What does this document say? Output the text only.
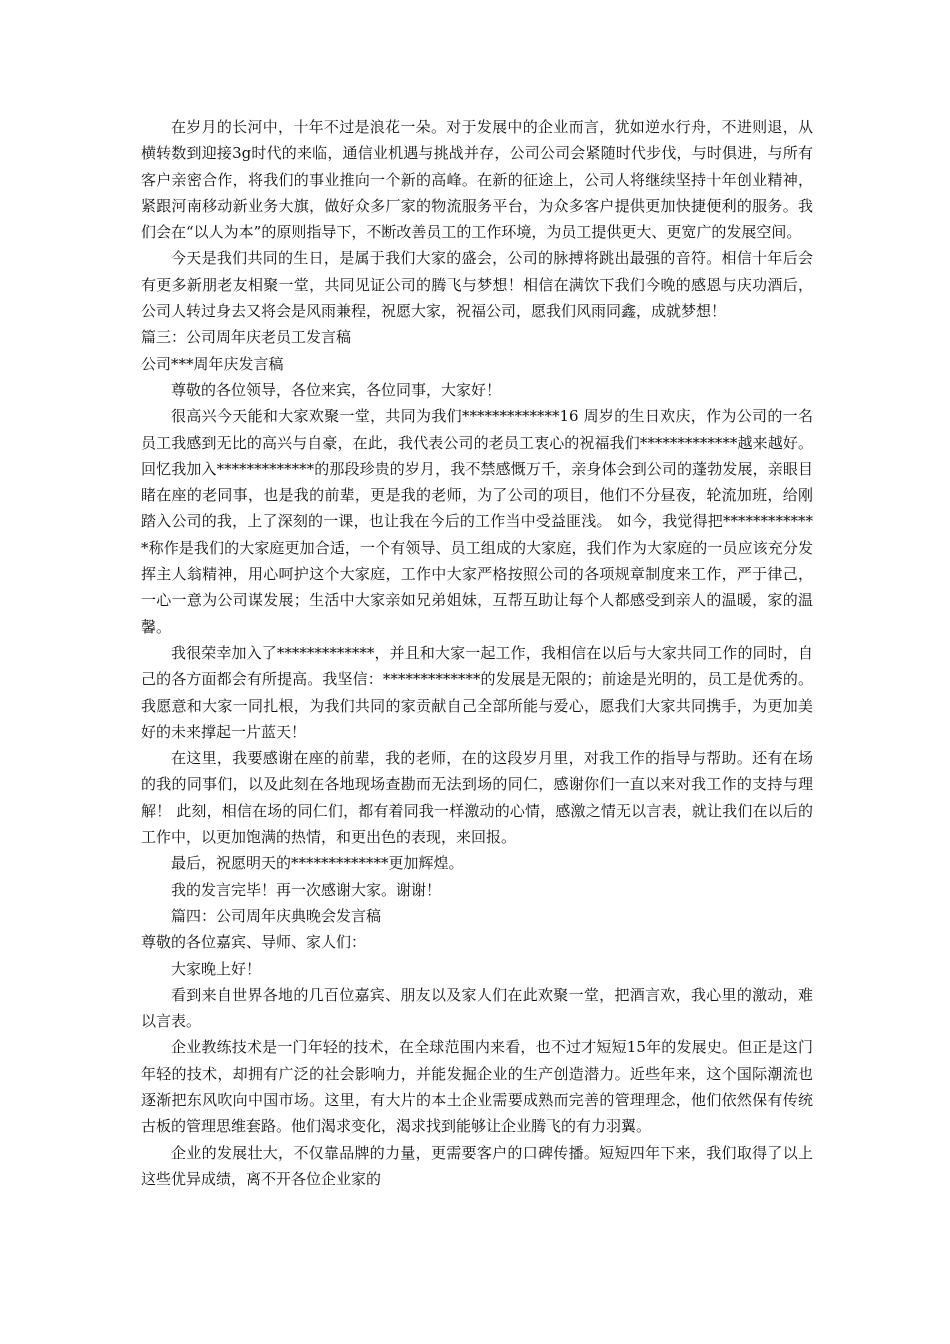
在岁月的长河中，十年不过是浪花一朵。对于发展中的企业而言，犹如逆水行舟，不进则退，从横转数到迎接3g时代的来临，通信业机遇与挑战并存，公司公司会紧随时代步伐，与时俱进，与所有客户亲密合作，将我们的事业推向一个新的高峰。在新的征途上，公司人将继续坚持十年创业精神，紧跟河南移动新业务大旗，做好众多厂家的物流服务平台，为众多客户提供更加快捷便利的服务。我们会在“以人为本”的原则指导下，不断改善员工的工作环境，为员工提供更大、更宽广的发展空间。

今天是我们共同的生日，是属于我们大家的盛会，公司的脉搏将跳出最强的音符。相信十年后会有更多新朋老友相聚一堂，共同见证公司的腾飞与梦想！相信在满饮下我们今晚的感恩与庆功酒后，公司人转过身去又将会是风雨兼程，祝愿大家，祝福公司，愿我们风雨同鑫，成就梦想！

篇三：公司周年庆老员工发言稿

公司***周年庆发言稿

尊敬的各位领导，各位来宾，各位同事，大家好！

很高兴今天能和大家欢聚一堂，共同为我们*************16 周岁的生日欢庆，作为公司的一名员工我感到无比的高兴与自豪，在此，我代表公司的老员工衷心的祝福我们*************越来越好。 回忆我加入*************的那段珍贵的岁月，我不禁感慨万千，亲身体会到公司的蓬勃发展，亲眼目睹在座的老同事，也是我的前辈，更是我的老师，为了公司的项目，他们不分昼夜，轮流加班，给刚踏入公司的我，上了深刻的一课，也让我在今后的工作当中受益匪浅。 如今，我觉得把*************称作是我们的大家庭更加合适，一个有领导、员工组成的大家庭，我们作为大家庭的一员应该充分发挥主人翁精神，用心呵护这个大家庭，工作中大家严格按照公司的各项规章制度来工作，严于律己，一心一意为公司谋发展；生活中大家亲如兄弟姐妹，互帮互助让每个人都感受到亲人的温暖，家的温馨。

我很荣幸加入了*************，并且和大家一起工作，我相信在以后与大家共同工作的同时，自己的各方面都会有所提高。我坚信：*************的发展是无限的；前途是光明的，员工是优秀的。我愿意和大家一同扎根，为我们共同的家贡献自己全部所能与爱心，愿我们大家共同携手，为更加美好的未来撑起一片蓝天！

在这里，我要感谢在座的前辈，我的老师，在的这段岁月里，对我工作的指导与帮助。还有在场的我的同事们，以及此刻在各地现场查勘而无法到场的同仁，感谢你们一直以来对我工作的支持与理解！ 此刻，相信在场的同仁们，都有着同我一样激动的心情，感激之情无以言表，就让我们在以后的工作中，以更加饱满的热情，和更出色的表现，来回报。

最后，祝愿明天的*************更加辉煌。

我的发言完毕！再一次感谢大家。谢谢！

篇四：公司周年庆典晚会发言稿

尊敬的各位嘉宾、导师、家人们：

大家晚上好！

看到来自世界各地的几百位嘉宾、朋友以及家人们在此欢聚一堂，把酒言欢，我心里的激动，难以言表。

企业教练技术是一门年轻的技术，在全球范围内来看，也不过才短短15年的发展史。但正是这门年轻的技术，却拥有广泛的社会影响力，并能发掘企业的生产创造潜力。近些年来，这个国际潮流也逐渐把东风吹向中国市场。这里，有大片的本土企业需要成熟而完善的管理理念，他们依然保有传统古板的管理思维套路。他们渴求变化，渴求找到能够让企业腾飞的有力羽翼。

企业的发展壮大，不仅靠品牌的力量，更需要客户的口碑传播。短短四年下来，我们取得了以上这些优异成绩，离不开各位企业家的
